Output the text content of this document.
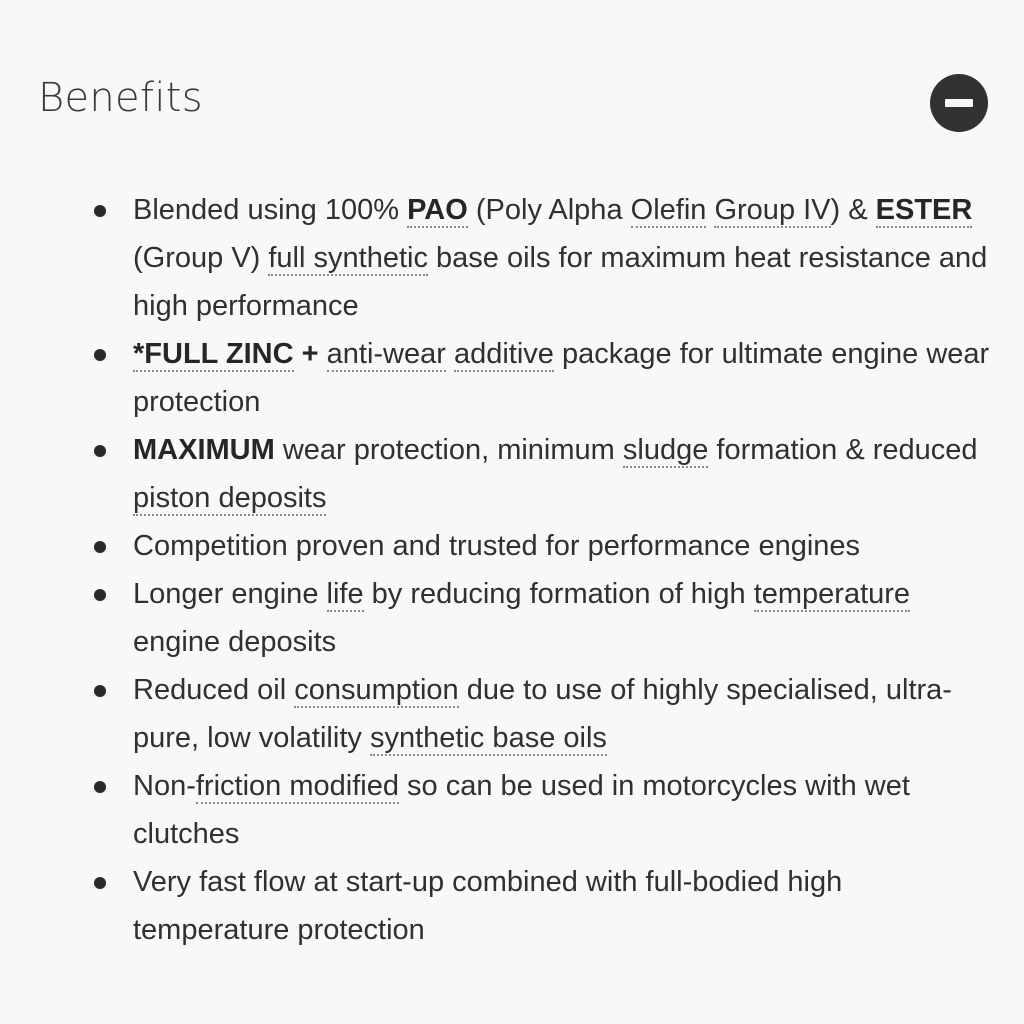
Benefits
Blended using 100% PAO (Poly Alpha Olefin Group IV) & ESTER (Group V) full synthetic base oils for maximum heat resistance and high performance
*FULL ZINC + anti-wear additive package for ultimate engine wear protection
MAXIMUM wear protection, minimum sludge formation & reduced piston deposits
Competition proven and trusted for performance engines
Longer engine life by reducing formation of high temperature engine deposits
Reduced oil consumption due to use of highly specialised, ultra-pure, low volatility synthetic base oils
Non-friction modified so can be used in motorcycles with wet clutches
Very fast flow at start-up combined with full-bodied high temperature protection
